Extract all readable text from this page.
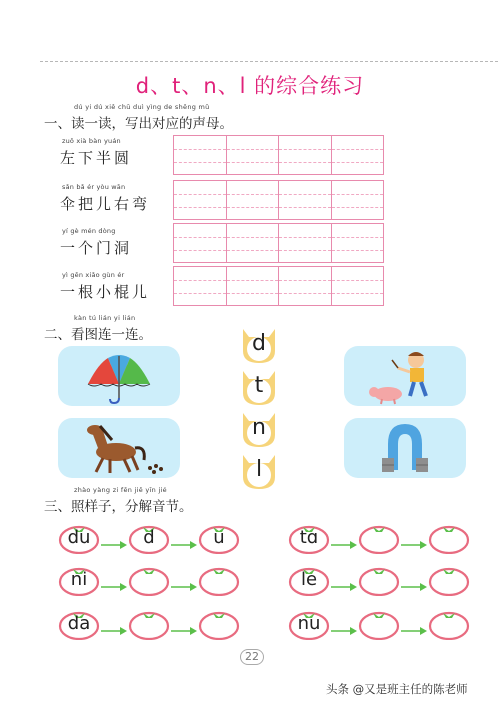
d、t、n、l 的综合练习
dú yi dú xiě chū duì yìng de shēng mǔ
一、读一读，写出对应的声母。
zuǒ xià bàn yuán
左下半圆
sǎn bǎ ér yòu wān
伞把儿右弯
yí gè mén dòng
一个门洞
yì gēn xiǎo gùn ér
一根小棍儿
kàn tú lián yi lián
二、看图连一连。	d
t
n
l
zhào yàng zi fēn jiě yīn jié
三、照样子，分解音节。
du	d	u
ni
da
tɑ
le
nu
22
头条 @又是班主任的陈老师
